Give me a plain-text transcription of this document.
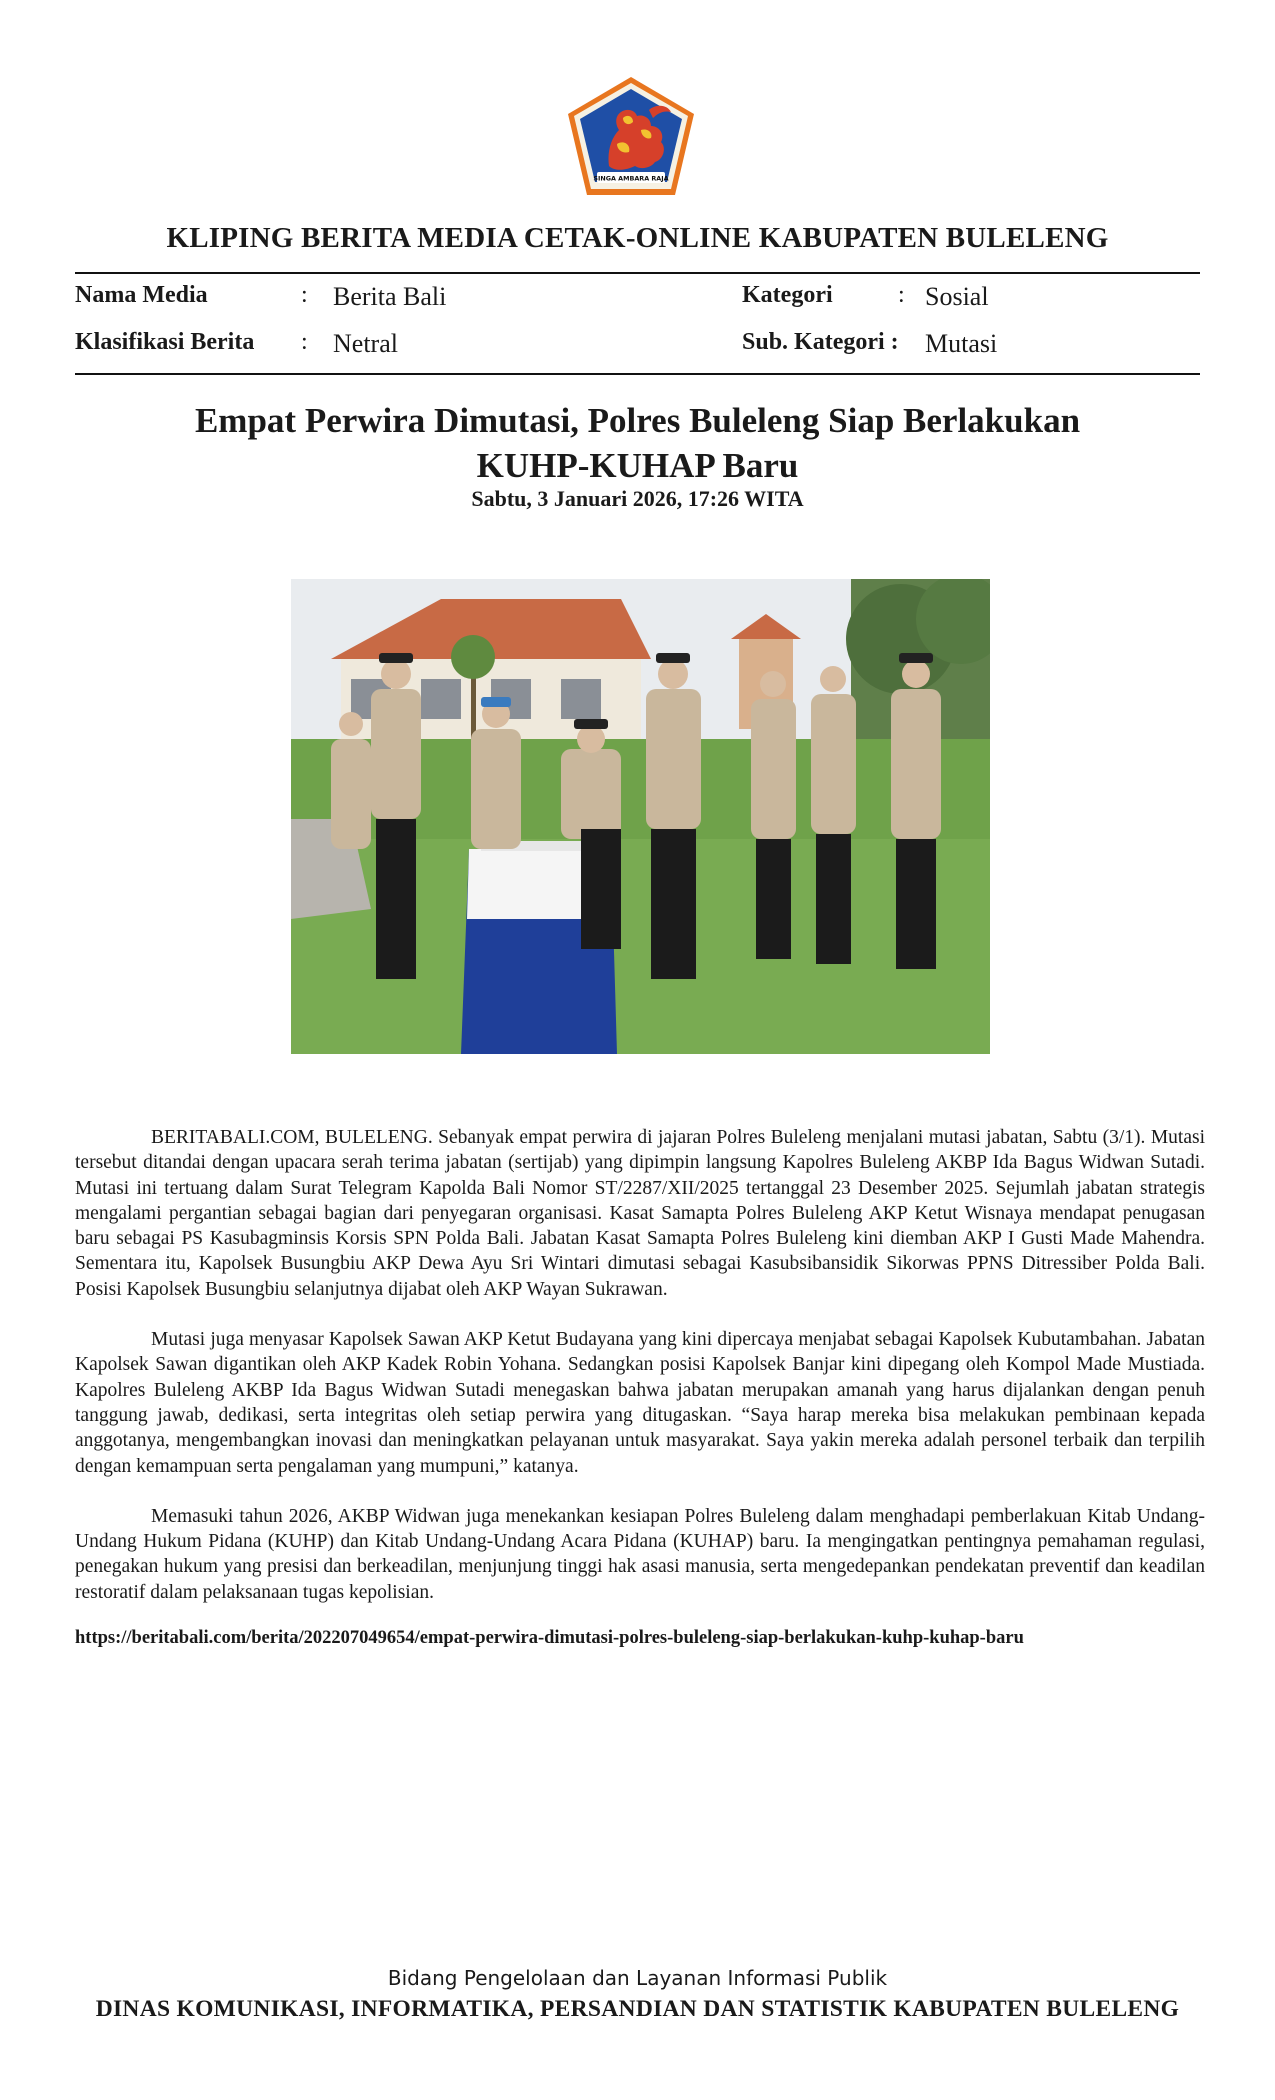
SINGA AMBARA RAJA
KLIPING BERITA MEDIA CETAK-ONLINE KABUPATEN BULELENG
Nama Media	: Berita Bali
Klasifikasi Berita : Netral
Kategori	: Sosial
Sub. Kategori : Mutasi
Empat Perwira Dimutasi, Polres Buleleng Siap Berlakukan
KUHP-KUHAP Baru
Sabtu, 3 Januari 2026, 17:26 WITA

BERITABALI.COM, BULELENG. Sebanyak empat perwira di jajaran Polres Buleleng menjalani mutasi jabatan, Sabtu (3/1). Mutasi tersebut ditandai dengan upacara serah terima jabatan (sertijab) yang dipimpin langsung Kapolres Buleleng AKBP Ida Bagus Widwan Sutadi. Mutasi ini tertuang dalam Surat Telegram Kapolda Bali Nomor ST/2287/XII/2025 tertanggal 23 Desember 2025. Sejumlah jabatan strategis mengalami pergantian sebagai bagian dari penyegaran organisasi. Kasat Samapta Polres Buleleng AKP Ketut Wisnaya mendapat penugasan baru sebagai PS Kasubagminsis Korsis SPN Polda Bali. Jabatan Kasat Samapta Polres Buleleng kini diemban AKP I Gusti Made Mahendra. Sementara itu, Kapolsek Busungbiu AKP Dewa Ayu Sri Wintari dimutasi sebagai Kasubsibansidik Sikorwas PPNS Ditressiber Polda Bali. Posisi Kapolsek Busungbiu selanjutnya dijabat oleh AKP Wayan Sukrawan.

Mutasi juga menyasar Kapolsek Sawan AKP Ketut Budayana yang kini dipercaya menjabat sebagai Kapolsek Kubutambahan. Jabatan Kapolsek Sawan digantikan oleh AKP Kadek Robin Yohana. Sedangkan posisi Kapolsek Banjar kini dipegang oleh Kompol Made Mustiada. Kapolres Buleleng AKBP Ida Bagus Widwan Sutadi menegaskan bahwa jabatan merupakan amanah yang harus dijalankan dengan penuh tanggung jawab, dedikasi, serta integritas oleh setiap perwira yang ditugaskan. “Saya harap mereka bisa melakukan pembinaan kepada anggotanya, mengembangkan inovasi dan meningkatkan pelayanan untuk masyarakat. Saya yakin mereka adalah personel terbaik dan terpilih dengan kemampuan serta pengalaman yang mumpuni,” katanya.

Memasuki tahun 2026, AKBP Widwan juga menekankan kesiapan Polres Buleleng dalam menghadapi pemberlakuan Kitab Undang-Undang Hukum Pidana (KUHP) dan Kitab Undang-Undang Acara Pidana (KUHAP) baru. Ia mengingatkan pentingnya pemahaman regulasi, penegakan hukum yang presisi dan berkeadilan, menjunjung tinggi hak asasi manusia, serta mengedepankan pendekatan preventif dan keadilan restoratif dalam pelaksanaan tugas kepolisian.

https://beritabali.com/berita/202207049654/empat-perwira-dimutasi-polres-buleleng-siap-berlakukan-kuhp-kuhap-baru
Bidang Pengelolaan dan Layanan Informasi Publik
DINAS KOMUNIKASI, INFORMATIKA, PERSANDIAN DAN STATISTIK KABUPATEN BULELENG
